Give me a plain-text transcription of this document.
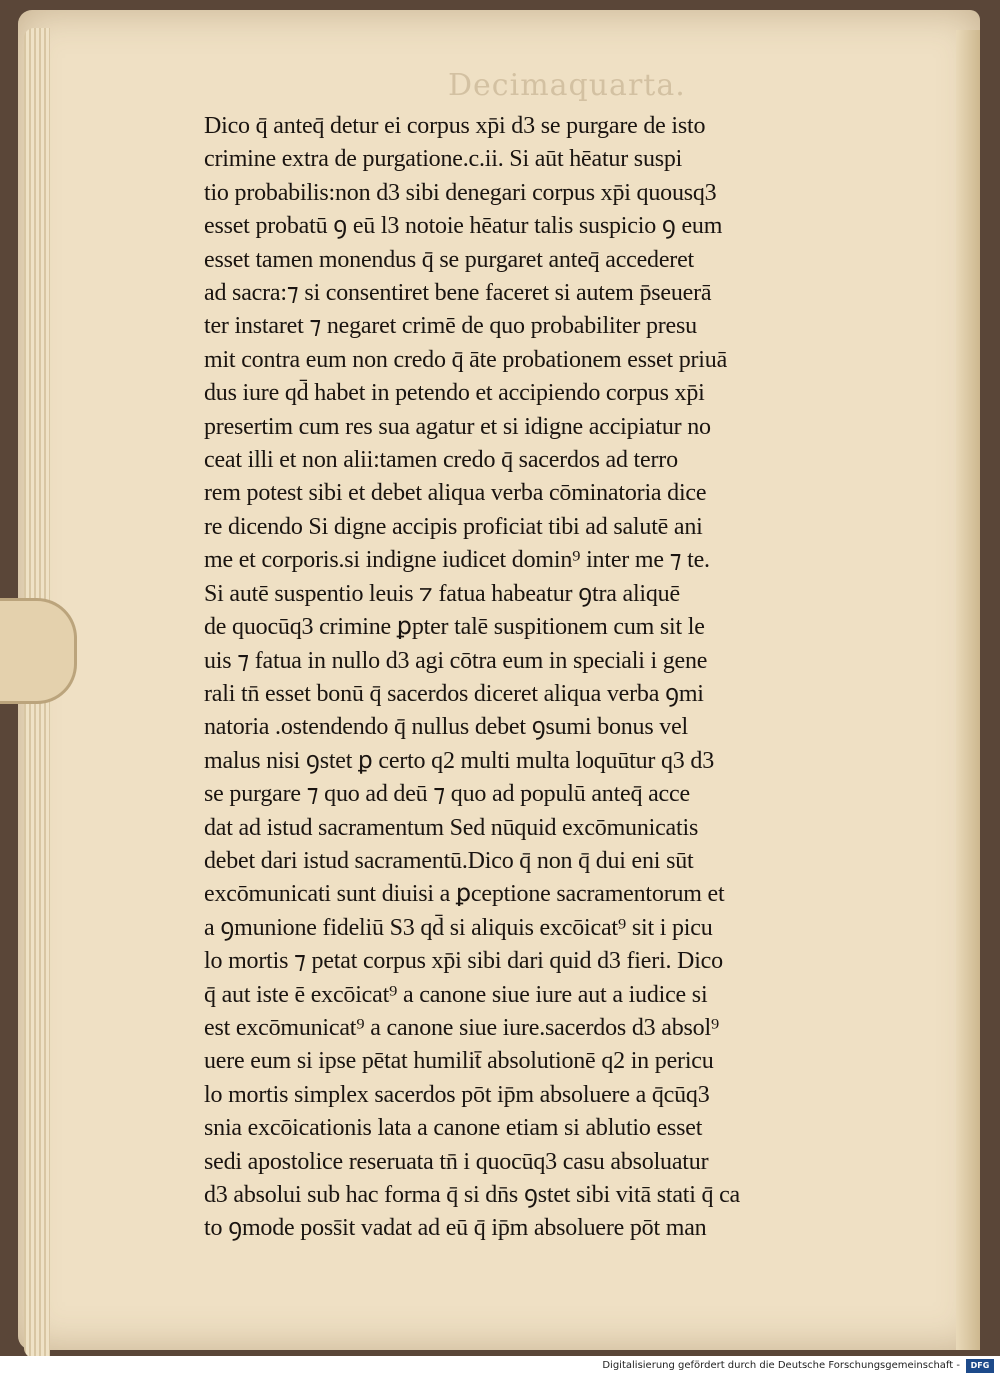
Decimaquarta.
Dico q̄ anteq̄ detur ei corpus xp̄i d3 se purgare de isto
crimine extra de purgatione.c.ii. Si aūt hēatur suspi
tio probabilis:non d3 sibi denegari corpus xp̄i quousq3
esset probatū ꝯ eū l3 notoie hēatur talis suspicio ꝯ eum
esset tamen monendus q̄ se purgaret anteq̄ accederet
ad sacra:⁊ si consentiret bene faceret si autem p̄seuerā
ter instaret ⁊ negaret crimē de quo probabiliter presu
mit contra eum non credo q̄ āte probationem esset priuā
dus iure qd̄ habet in petendo et accipiendo corpus xp̄i
presertim cum res sua agatur et si idigne accipiatur no
ceat illi et non alii:tamen credo q̄ sacerdos ad terro
rem potest sibi et debet aliqua verba cōminatoria dice
re dicendo Si digne accipis proficiat tibi ad salutē ani
me et corporis.si indigne iudicet domin⁹ inter me ⁊ te.
Si autē suspentio leuis ⁊ fatua habeatur ꝯtra aliquē
de quocūq3 crimine ꝑpter talē suspitionem cum sit le
uis ⁊ fatua in nullo d3 agi cōtra eum in speciali i gene
rali tn̄ esset bonū q̄ sacerdos diceret aliqua verba ꝯmi
natoria .ostendendo q̄ nullus debet ꝯsumi bonus vel
malus nisi ꝯstet ꝑ certo q2 multi multa loquūtur q3 d3
se purgare ⁊ quo ad deū ⁊ quo ad populū anteq̄ acce
dat ad istud sacramentum Sed nūquid excōmunicatis
debet dari istud sacramentū.Dico q̄ non q̄ dui eni sūt
excōmunicati sunt diuisi a ꝑceptione sacramentorum et
a ꝯmunione fideliū S3 qd̄ si aliquis excōicat⁹ sit i picu
lo mortis ⁊ petat corpus xp̄i sibi dari quid d3 fieri. Dico
q̄ aut iste ē excōicat⁹ a canone siue iure aut a iudice si
est excōmunicat⁹ a canone siue iure.sacerdos d3 absol⁹
uere eum si ipse pētat humilit̄ absolutionē q2 in pericu
lo mortis simplex sacerdos pōt ip̄m absoluere a q̄cūq3
snia excōicationis lata a canone etiam si ablutio esset
sedi apostolice reseruata tn̄ i quocūq3 casu absoluatur
d3 absolui sub hac forma q̄ si dn̄s ꝯstet sibi vitā stati q̄ ca
to ꝯmode poss̄it vadat ad eū q̄ ip̄m absoluere pōt man
Digitalisierung gefördert durch die Deutsche Forschungsgemeinschaft -	DFG
